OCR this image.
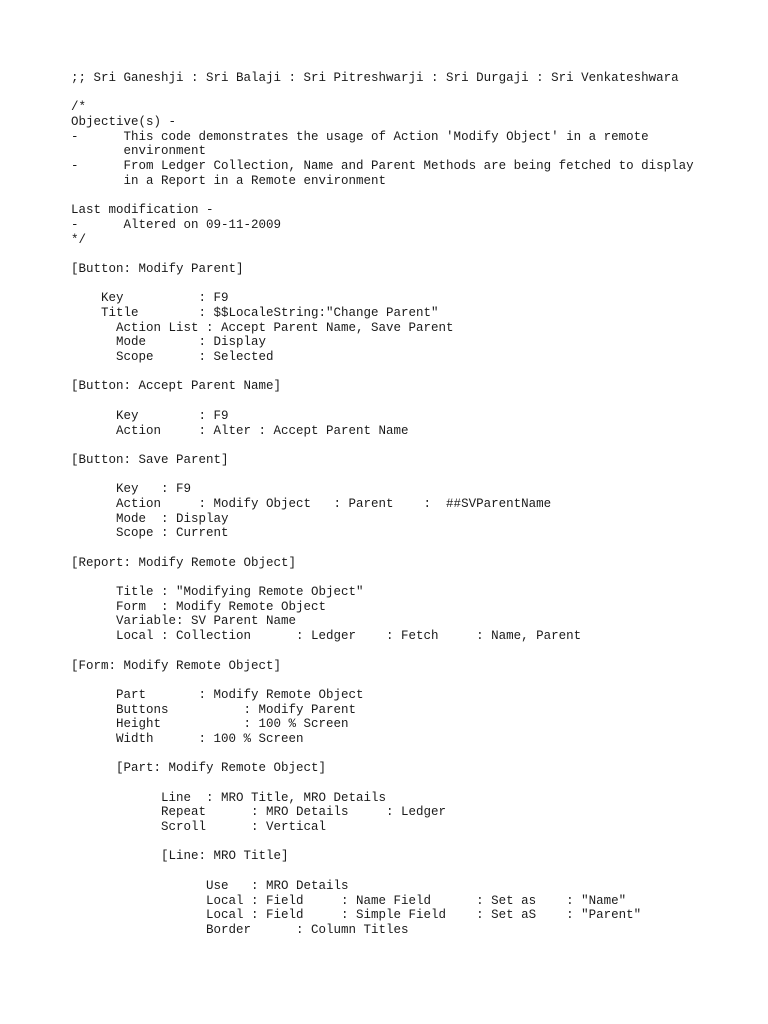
;; Sri Ganeshji : Sri Balaji : Sri Pitreshwarji : Sri Durgaji : Sri Venkateshwara
/*
Objective(s) -
-      This code demonstrates the usage of Action 'Modify Object' in a remote
environment
-      From Ledger Collection, Name and Parent Methods are being fetched to display
in a Report in a Remote environment
Last modification -
-      Altered on 09-11-2009
*/
[Button: Modify Parent]
Key          : F9
Title        : $$LocaleString:"Change Parent"
Action List : Accept Parent Name, Save Parent
Mode       : Display
Scope      : Selected
[Button: Accept Parent Name]
Key        : F9
Action     : Alter : Accept Parent Name
[Button: Save Parent]
Key   : F9
Action     : Modify Object   : Parent    :  ##SVParentName
Mode  : Display
Scope : Current
[Report: Modify Remote Object]
Title : "Modifying Remote Object"
Form  : Modify Remote Object
Variable: SV Parent Name
Local : Collection      : Ledger    : Fetch     : Name, Parent
[Form: Modify Remote Object]
Part       : Modify Remote Object
Buttons          : Modify Parent
Height           : 100 % Screen
Width      : 100 % Screen
[Part: Modify Remote Object]
Line  : MRO Title, MRO Details
Repeat      : MRO Details     : Ledger
Scroll      : Vertical
[Line: MRO Title]
Use   : MRO Details
Local : Field     : Name Field      : Set as    : "Name"
Local : Field     : Simple Field    : Set aS    : "Parent"
Border      : Column Titles
